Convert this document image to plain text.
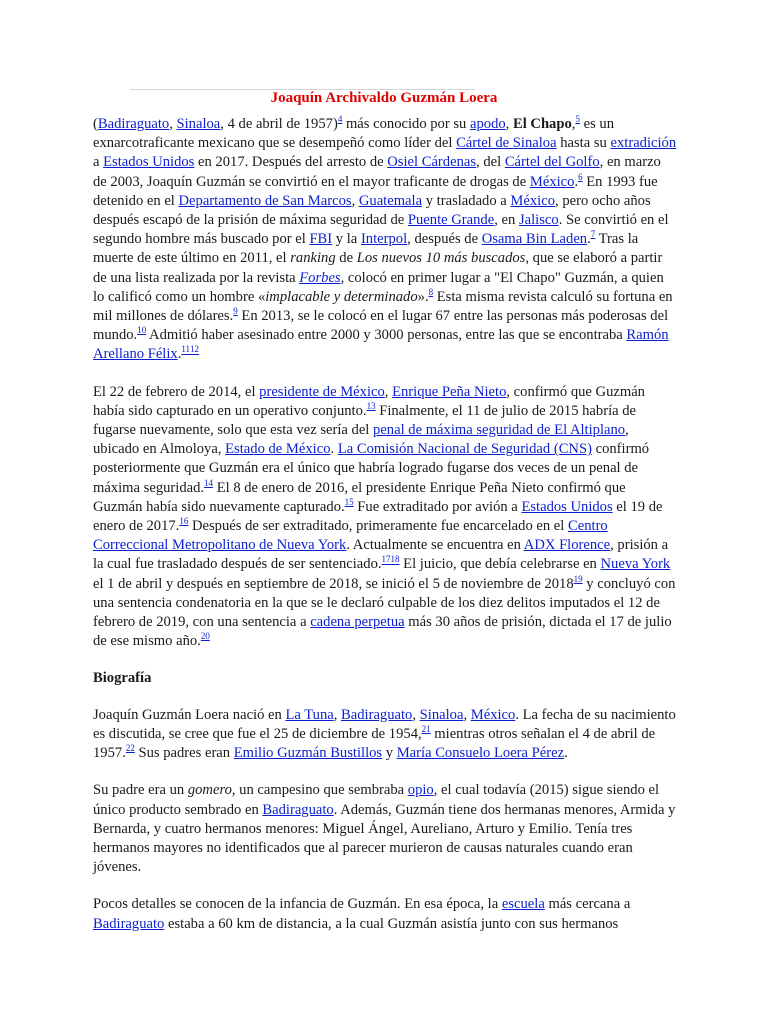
Joaquín Archivaldo Guzmán Loera

(Badiraguato, Sinaloa, 4 de abril de 1957)$^4$ más conocido por su apodo, El Chapo,$^5$ es un exnarcotraficante mexicano que se desempeñó como líder del Cártel de Sinaloa hasta su extradición a Estados Unidos en 2017. Después del arresto de Osiel Cárdenas, del Cártel del Golfo, en marzo de 2003, Joaquín Guzmán se convirtió en el mayor traficante de drogas de México.$^6$ En 1993 fue detenido en el Departamento de San Marcos, Guatemala y trasladado a México, pero ocho años después escapó de la prisión de máxima seguridad de Puente Grande, en Jalisco. Se convirtió en el segundo hombre más buscado por el FBI y la Interpol, después de Osama Bin Laden.$^7$ Tras la muerte de este último en 2011, el ranking de Los nuevos 10 más buscados, que se elaboró a partir de una lista realizada por la revista Forbes, colocó en primer lugar a "El Chapo" Guzmán, a quien lo calificó como un hombre «implacable y determinado».$^8$ Esta misma revista calculó su fortuna en mil millones de dólares.$^9$ En 2013, se le colocó en el lugar 67 entre las personas más poderosas del mundo.$^{10}$ Admitió haber asesinado entre 2000 y 3000 personas, entre las que se encontraba Ramón Arellano Félix.$^{1112}$

El 22 de febrero de 2014, el presidente de México, Enrique Peña Nieto, confirmó que Guzmán había sido capturado en un operativo conjunto.$^{13}$ Finalmente, el 11 de julio de 2015 habría de fugarse nuevamente, solo que esta vez sería del penal de máxima seguridad de El Altiplano, ubicado en Almoloya, Estado de México. La Comisión Nacional de Seguridad (CNS) confirmó posteriormente que Guzmán era el único que habría logrado fugarse dos veces de un penal de máxima seguridad.$^{14}$ El 8 de enero de 2016, el presidente Enrique Peña Nieto confirmó que Guzmán había sido nuevamente capturado.$^{15}$ Fue extraditado por avión a Estados Unidos el 19 de enero de 2017.16 Después de ser extraditado, primeramente fue encarcelado en el Centro Correccional Metropolitano de Nueva York. Actualmente se encuentra en ADX Florence, prisión a la cual fue trasladado después de ser sentenciado.$^{1718}$ El juicio, que debía celebrarse en Nueva York el 1 de abril y después en septiembre de 2018, se inició el 5 de noviembre de 2018$^{19}$ y concluyó con una sentencia condenatoria en la que se le declaró culpable de los diez delitos imputados el 12 de febrero de 2019, con una sentencia a cadena perpetua más 30 años de prisión, dictada el 17 de julio de ese mismo año.$^{20}$

Biografía

Joaquín Guzmán Loera nació en La Tuna, Badiraguato, Sinaloa, México. La fecha de su nacimiento es discutida, se cree que fue el 25 de diciembre de 1954,21 mientras otros señalan el 4 de abril de 1957.22 Sus padres eran Emilio Guzmán Bustillos y María Consuelo Loera Pérez.

Su padre era un gomero, un campesino que sembraba opio, el cual todavía (2015) sigue siendo el único producto sembrado en Badiraguato. Además, Guzmán tiene dos hermanas menores, Armida y Bernarda, y cuatro hermanos menores: Miguel Ángel, Aureliano, Arturo y Emilio. Tenía tres hermanos mayores no identificados que al parecer murieron de causas naturales cuando eran jóvenes.

Pocos detalles se conocen de la infancia de Guzmán. En esa época, la escuela más cercana a Badiraguato estaba a 60 km de distancia, a la cual Guzmán asistía junto con sus hermanos
